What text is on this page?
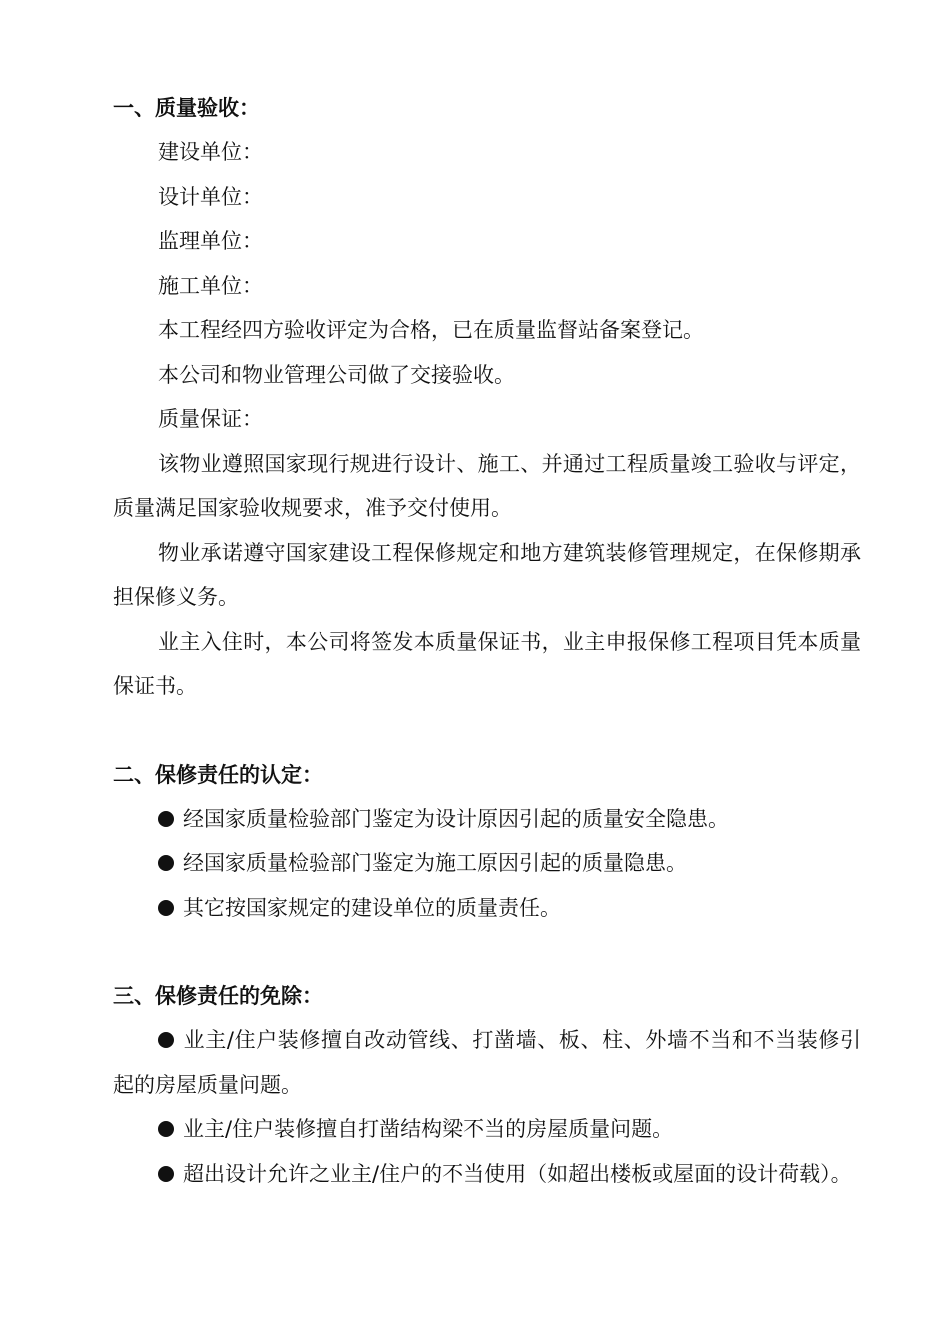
一、质量验收：

建设单位：

设计单位：

监理单位：

施工单位：

本工程经四方验收评定为合格，已在质量监督站备案登记。

本公司和物业管理公司做了交接验收。

质量保证：

该物业遵照国家现行规进行设计、施工、并通过工程质量竣工验收与评定，质量满足国家验收规要求，准予交付使用。

物业承诺遵守国家建设工程保修规定和地方建筑装修管理规定，在保修期承担保修义务。

业主入住时，本公司将签发本质量保证书，业主申报保修工程项目凭本质量保证书。

二、保修责任的认定：

经国家质量检验部门鉴定为设计原因引起的质量安全隐患。

经国家质量检验部门鉴定为施工原因引起的质量隐患。

其它按国家规定的建设单位的质量责任。

三、保修责任的免除：

业主/住户装修擅自改动管线、打凿墙、板、柱、外墙不当和不当装修引起的房屋质量问题。

业主/住户装修擅自打凿结构梁不当的房屋质量问题。

超出设计允许之业主/住户的不当使用（如超出楼板或屋面的设计荷载）。
